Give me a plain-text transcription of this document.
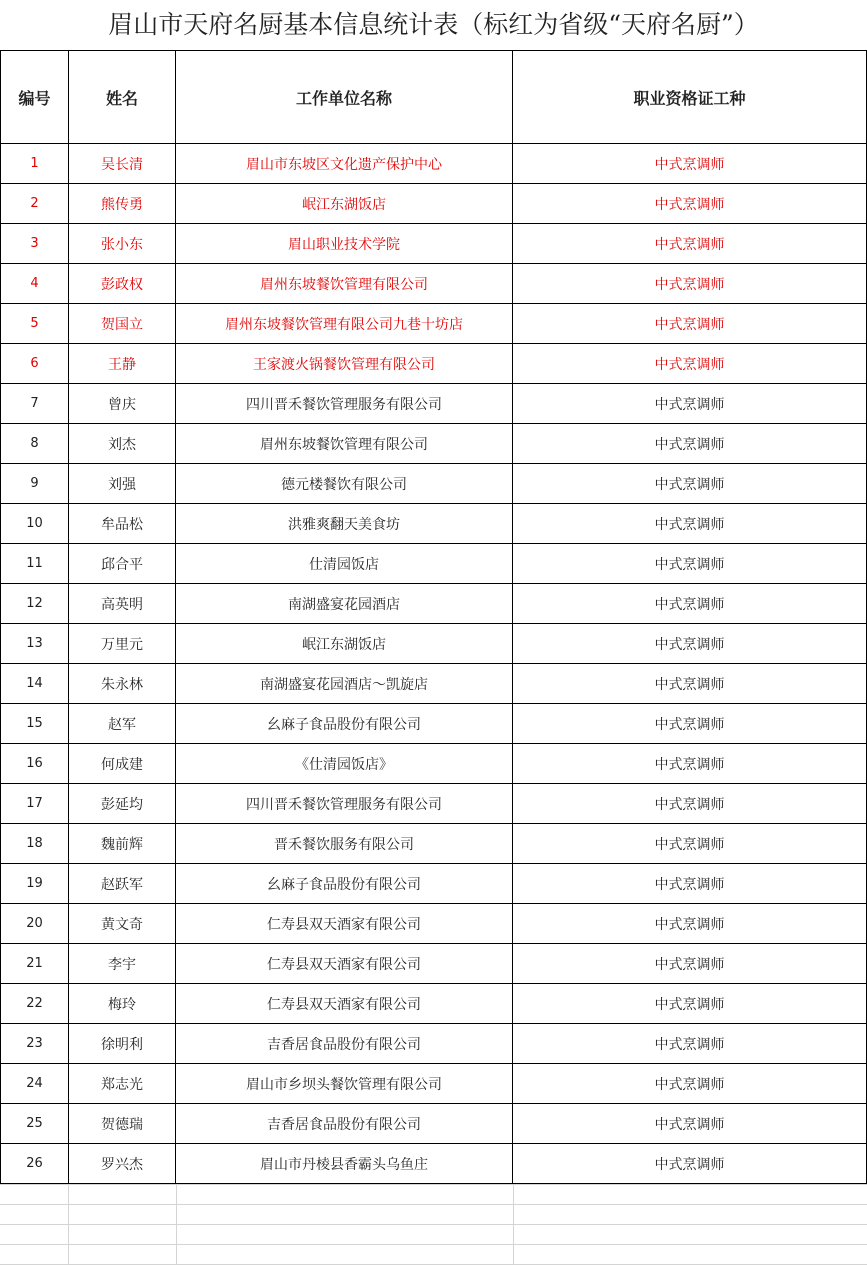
眉山市天府名厨基本信息统计表（标红为省级“天府名厨”）
编号	姓名	工作单位名称	职业资格证工种
1	吴长清	眉山市东坡区文化遗产保护中心	中式烹调师
2	熊传勇	岷江东湖饭店	中式烹调师
3	张小东	眉山职业技术学院	中式烹调师
4	彭政权	眉州东坡餐饮管理有限公司	中式烹调师
5	贺国立	眉州东坡餐饮管理有限公司九巷十坊店	中式烹调师
6	王静	王家渡火锅餐饮管理有限公司	中式烹调师
7	曾庆	四川晋禾餐饮管理服务有限公司	中式烹调师
8	刘杰	眉州东坡餐饮管理有限公司	中式烹调师
9	刘强	德元楼餐饮有限公司	中式烹调师
10	牟品松	洪雅爽翻天美食坊	中式烹调师
11	邱合平	仕清园饭店	中式烹调师
12	高英明	南湖盛宴花园酒店	中式烹调师
13	万里元	岷江东湖饭店	中式烹调师
14	朱永林	南湖盛宴花园酒店～凯旋店	中式烹调师
15	赵军	幺麻子食品股份有限公司	中式烹调师
16	何成建	《仕清园饭店》	中式烹调师
17	彭延均	四川晋禾餐饮管理服务有限公司	中式烹调师
18	魏前辉	晋禾餐饮服务有限公司	中式烹调师
19	赵跃军	幺麻子食品股份有限公司	中式烹调师
20	黄文奇	仁寿县双天酒家有限公司	中式烹调师
21	李宇	仁寿县双天酒家有限公司	中式烹调师
22	梅玲	仁寿县双天酒家有限公司	中式烹调师
23	徐明利	吉香居食品股份有限公司	中式烹调师
24	郑志光	眉山市乡坝头餐饮管理有限公司	中式烹调师
25	贺德瑞	吉香居食品股份有限公司	中式烹调师
26	罗兴杰	眉山市丹棱县香霸头乌鱼庄	中式烹调师
